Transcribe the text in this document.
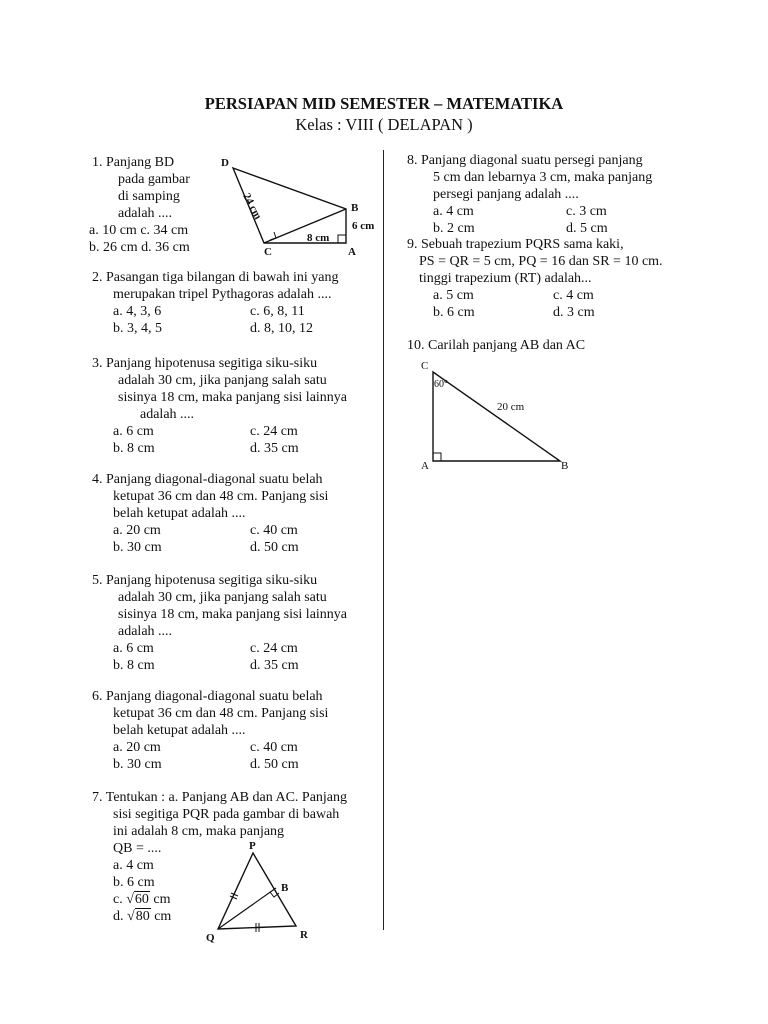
PERSIAPAN MID SEMESTER – MATEMATIKA
Kelas : VIII ( DELAPAN )
1. Panjang BD
pada gambar
di samping
adalah ....
a. 10 cm c. 34 cm
b. 26 cm d. 36 cm
D
B
C	A
24 cm
6 cm
8 cm
2. Pasangan tiga bilangan di bawah ini yang
merupakan tripel Pythagoras adalah ....
a. 4, 3, 6	c. 6, 8, 11
b. 3, 4, 5	d. 8, 10, 12
3. Panjang hipotenusa segitiga siku-siku
adalah 30 cm, jika panjang salah satu
sisinya 18 cm, maka panjang sisi lainnya
adalah ....
a. 6 cm	c. 24 cm
b. 8 cm	d. 35 cm
4. Panjang diagonal-diagonal suatu belah
ketupat 36 cm dan 48 cm. Panjang sisi
belah ketupat adalah ....
a. 20 cm	c. 40 cm
b. 30 cm	d. 50 cm
5. Panjang hipotenusa segitiga siku-siku
adalah 30 cm, jika panjang salah satu
sisinya 18 cm, maka panjang sisi lainnya
adalah ....
a. 6 cm	c. 24 cm
b. 8 cm	d. 35 cm
6. Panjang diagonal-diagonal suatu belah
ketupat 36 cm dan 48 cm. Panjang sisi
belah ketupat adalah ....
a. 20 cm	c. 40 cm
b. 30 cm	d. 50 cm
7. Tentukan : a. Panjang AB dan AC. Panjang
sisi segitiga PQR pada gambar di bawah
ini adalah 8 cm, maka panjang
QB = ....
a. 4 cm
b. 6 cm
c. √60 cm
d. √80 cm
P
B
Q	R
8. Panjang diagonal suatu persegi panjang
5 cm dan lebarnya 3 cm, maka panjang
persegi panjang adalah ....
a. 4 cm	c. 3 cm
b. 2 cm	d. 5 cm
9. Sebuah trapezium PQRS sama kaki,
PS = QR = 5 cm, PQ = 16 dan SR = 10 cm.
tinggi trapezium (RT) adalah...
a. 5 cm	c. 4 cm
b. 6 cm	d. 3 cm
10. Carilah panjang AB dan AC
C
A	B
60°
20 cm
